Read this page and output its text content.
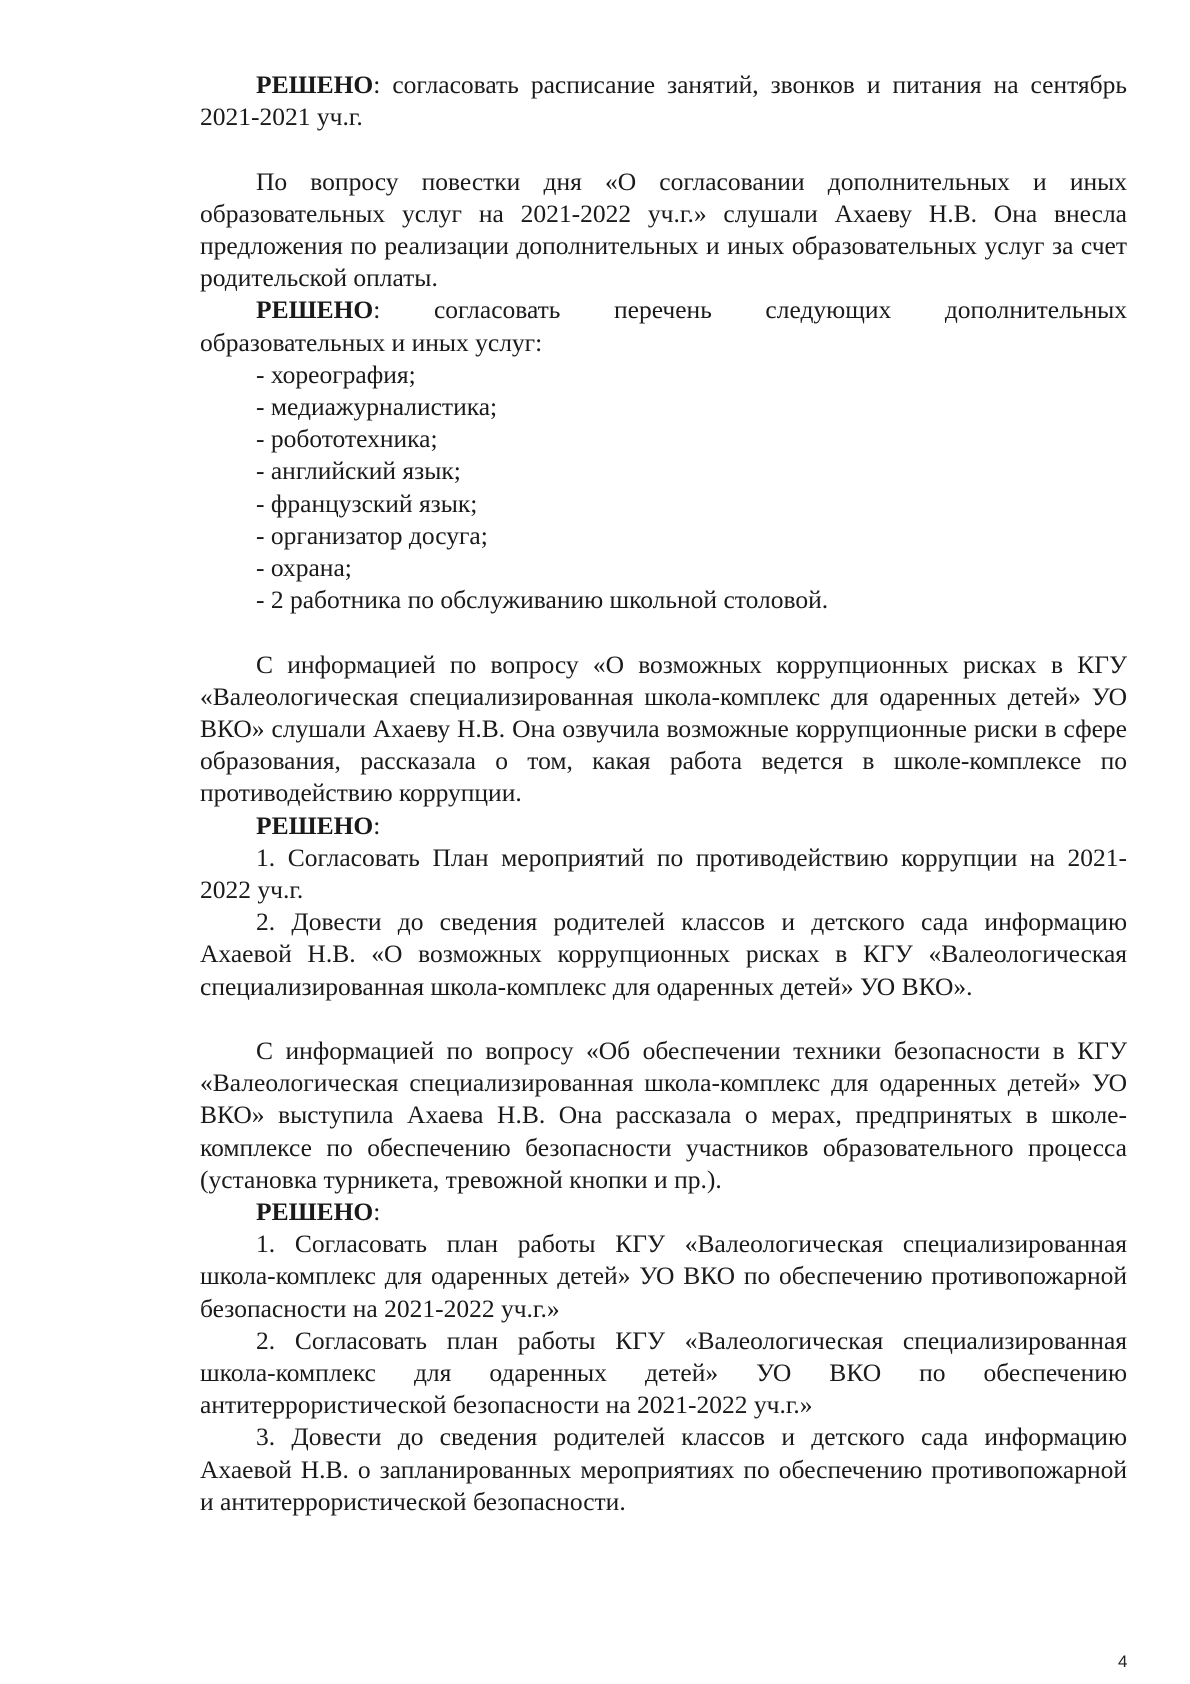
РЕШЕНО: согласовать расписание занятий, звонков и питания на сентябрь 2021-2021 уч.г.

По вопросу повестки дня «О согласовании дополнительных и иных образовательных услуг на 2021-2022 уч.г.» слушали Ахаеву Н.В. Она внесла предложения по реализации дополнительных и иных образовательных услуг за счет родительской оплаты.

РЕШЕНО: согласовать перечень следующих дополнительных образовательных и иных услуг:

- хореография;

- медиажурналистика;

- робототехника;

- английский язык;

- французский язык;

- организатор досуга;

- охрана;

- 2 работника по обслуживанию школьной столовой.

С информацией по вопросу «О возможных коррупционных рисках в КГУ «Валеологическая специализированная школа-комплекс для одаренных детей» УО ВКО» слушали Ахаеву Н.В. Она озвучила возможные коррупционные риски в сфере образования, рассказала о том, какая работа ведется в школе-комплексе по противодействию коррупции.

РЕШЕНО:

1. Согласовать План мероприятий по противодействию коррупции на 2021-2022 уч.г.

2. Довести до сведения родителей классов и детского сада информацию Ахаевой Н.В. «О возможных коррупционных рисках в КГУ «Валеологическая специализированная школа-комплекс для одаренных детей» УО ВКО».

С информацией по вопросу «Об обеспечении техники безопасности в КГУ «Валеологическая специализированная школа-комплекс для одаренных детей» УО ВКО» выступила Ахаева Н.В. Она рассказала о мерах, предпринятых в школе-комплексе по обеспечению безопасности участников образовательного процесса (установка турникета, тревожной кнопки и пр.).

РЕШЕНО:

1. Согласовать план работы КГУ «Валеологическая специализированная школа-комплекс для одаренных детей» УО ВКО по обеспечению противопожарной безопасности на 2021-2022 уч.г.»

2. Согласовать план работы КГУ «Валеологическая специализированная школа-комплекс для одаренных детей» УО ВКО по обеспечению антитеррористической безопасности на 2021-2022 уч.г.»

3. Довести до сведения родителей классов и детского сада информацию Ахаевой Н.В. о запланированных мероприятиях по обеспечению противопожарной и антитеррористической безопасности.

4
